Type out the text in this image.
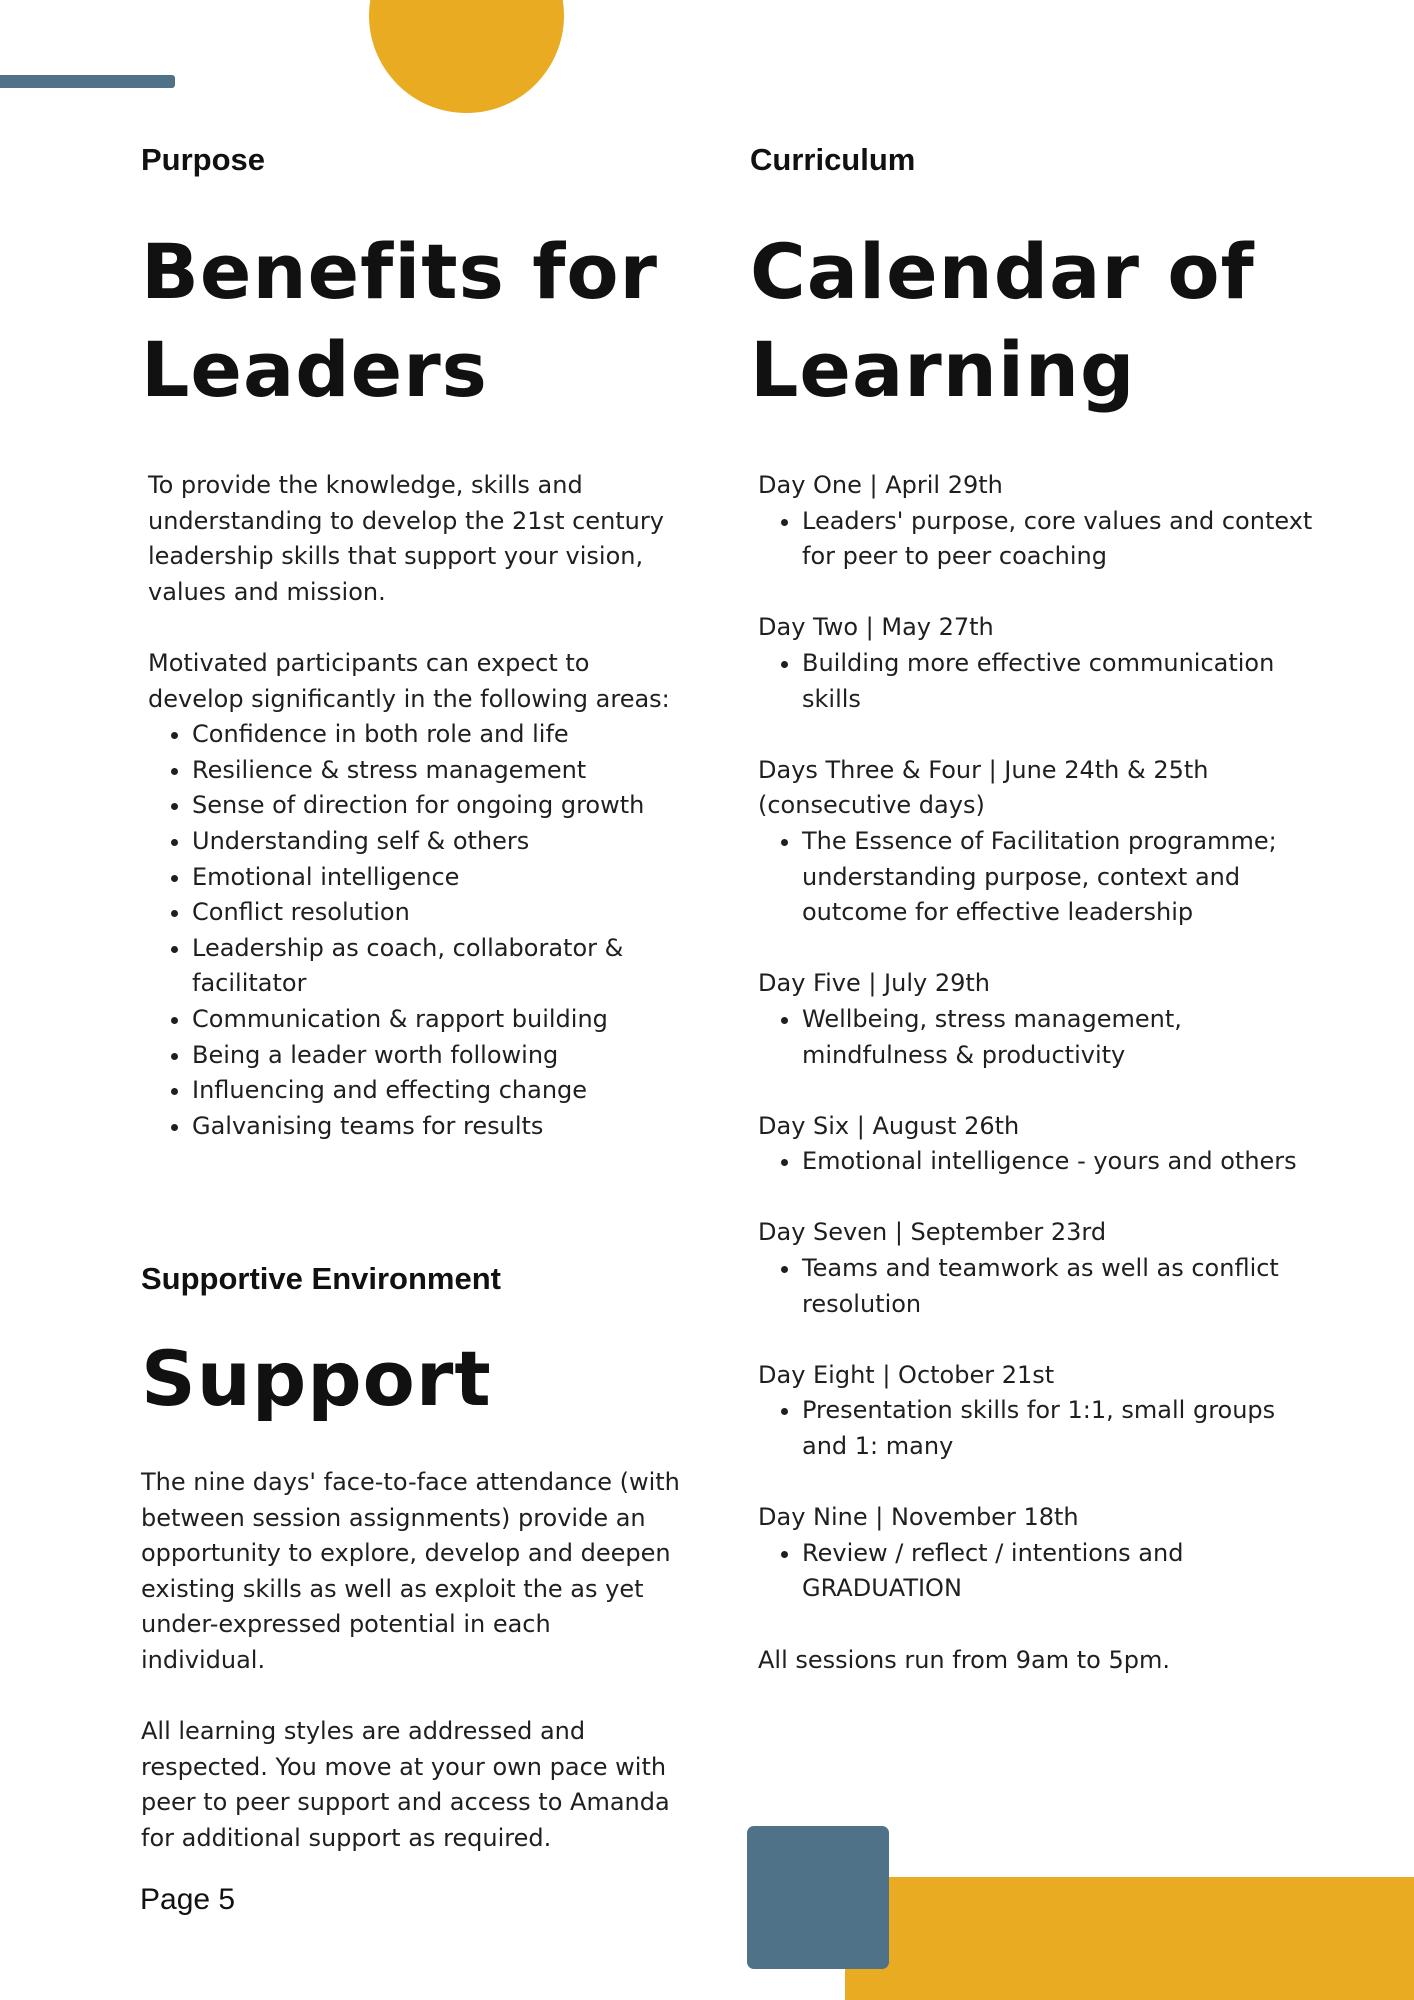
Purpose

Benefits for
Leaders

To provide the knowledge, skills and understanding to develop the 21st century leadership skills that support your vision, values and mission.

Motivated participants can expect to develop significantly in the following areas:

• Confidence in both role and life
• Resilience & stress management
• Sense of direction for ongoing growth
• Understanding self & others
• Emotional intelligence
• Conflict resolution
• Leadership as coach, collaborator & facilitator
• Communication & rapport building
• Being a leader worth following
• Influencing and effecting change
• Galvanising teams for results

Supportive Environment

Support

The nine days' face-to-face attendance (with between session assignments) provide an opportunity to explore, develop and deepen existing skills as well as exploit the as yet under-expressed potential in each individual.

All learning styles are addressed and respected. You move at your own pace with peer to peer support and access to Amanda for additional support as required.

Curriculum

Calendar of
Learning

Day One | April 29th

• Leaders' purpose, core values and context for peer to peer coaching

Day Two | May 27th

• Building more effective communication skills

Days Three & Four | June 24th & 25th (consecutive days)

• The Essence of Facilitation programme; understanding purpose, context and outcome for effective leadership

Day Five | July 29th

• Wellbeing, stress management, mindfulness & productivity

Day Six | August 26th

• Emotional intelligence - yours and others

Day Seven | September 23rd

• Teams and teamwork as well as conflict resolution

Day Eight | October 21st

• Presentation skills for 1:1, small groups and 1: many

Day Nine | November 18th

• Review / reflect / intentions and GRADUATION

All sessions run from 9am to 5pm.

Page 5
